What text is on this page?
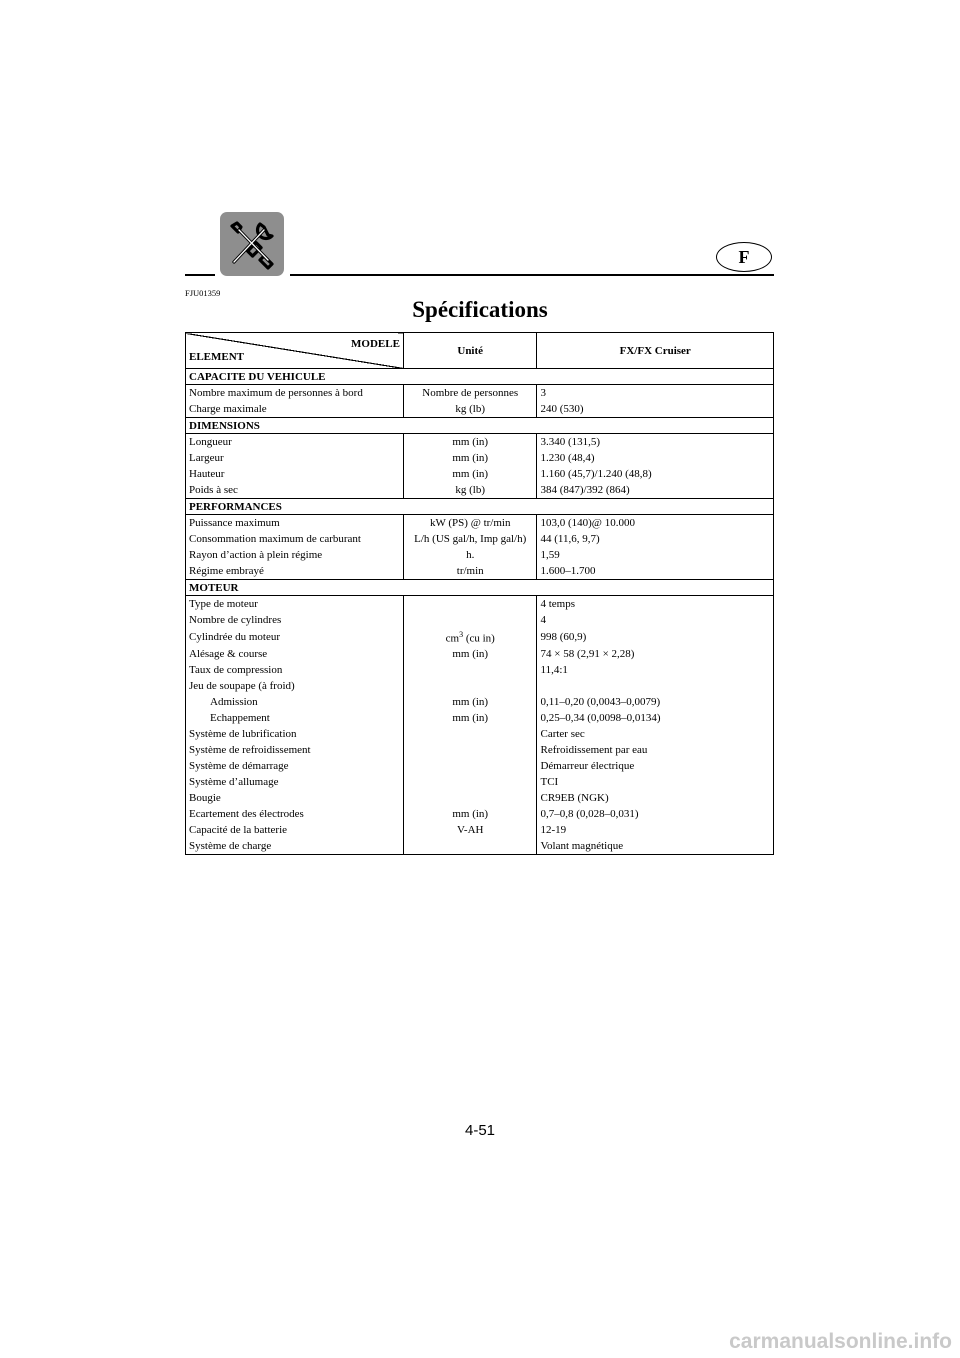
F
FJU01359
Spécifications
MODELE
ELEMENT	Unité	FX/FX Cruiser
CAPACITE DU VEHICULE		
Nombre maximum de personnes à bord	Nombre de personnes	3
Charge maximale	kg (lb)	240 (530)
DIMENSIONS		
Longueur	mm (in)	3.340 (131,5)
Largeur	mm (in)	1.230 (48,4)
Hauteur	mm (in)	1.160 (45,7)/1.240 (48,8)
Poids à sec	kg (lb)	384 (847)/392 (864)
PERFORMANCES		
Puissance maximum	kW (PS) @ tr/min	103,0 (140)@ 10.000
Consommation maximum de carburant	L/h (US gal/h, Imp gal/h)	44 (11,6, 9,7)
Rayon d’action à plein régime	h.	1,59
Régime embrayé	tr/min	1.600–1.700
MOTEUR		
Type de moteur		4 temps
Nombre de cylindres		4
Cylindrée du moteur	$cm^3$ (cu in)	998 (60,9)
Alésage & course	mm (in)	74 × 58 (2,91 × 2,28)
Taux de compression		11,4:1
Jeu de soupape (à froid)		
Admission	mm (in)	0,11–0,20 (0,0043–0,0079)
Echappement	mm (in)	0,25–0,34 (0,0098–0,0134)
Système de lubrification		Carter sec
Système de refroidissement		Refroidissement par eau
Système de démarrage		Démarreur électrique
Système d’allumage		TCI
Bougie		CR9EB (NGK)
Ecartement des électrodes	mm (in)	0,7–0,8 (0,028–0,031)
Capacité de la batterie	V-AH	12-19
Système de charge		Volant magnétique
4-51
carmanualsonline.info
